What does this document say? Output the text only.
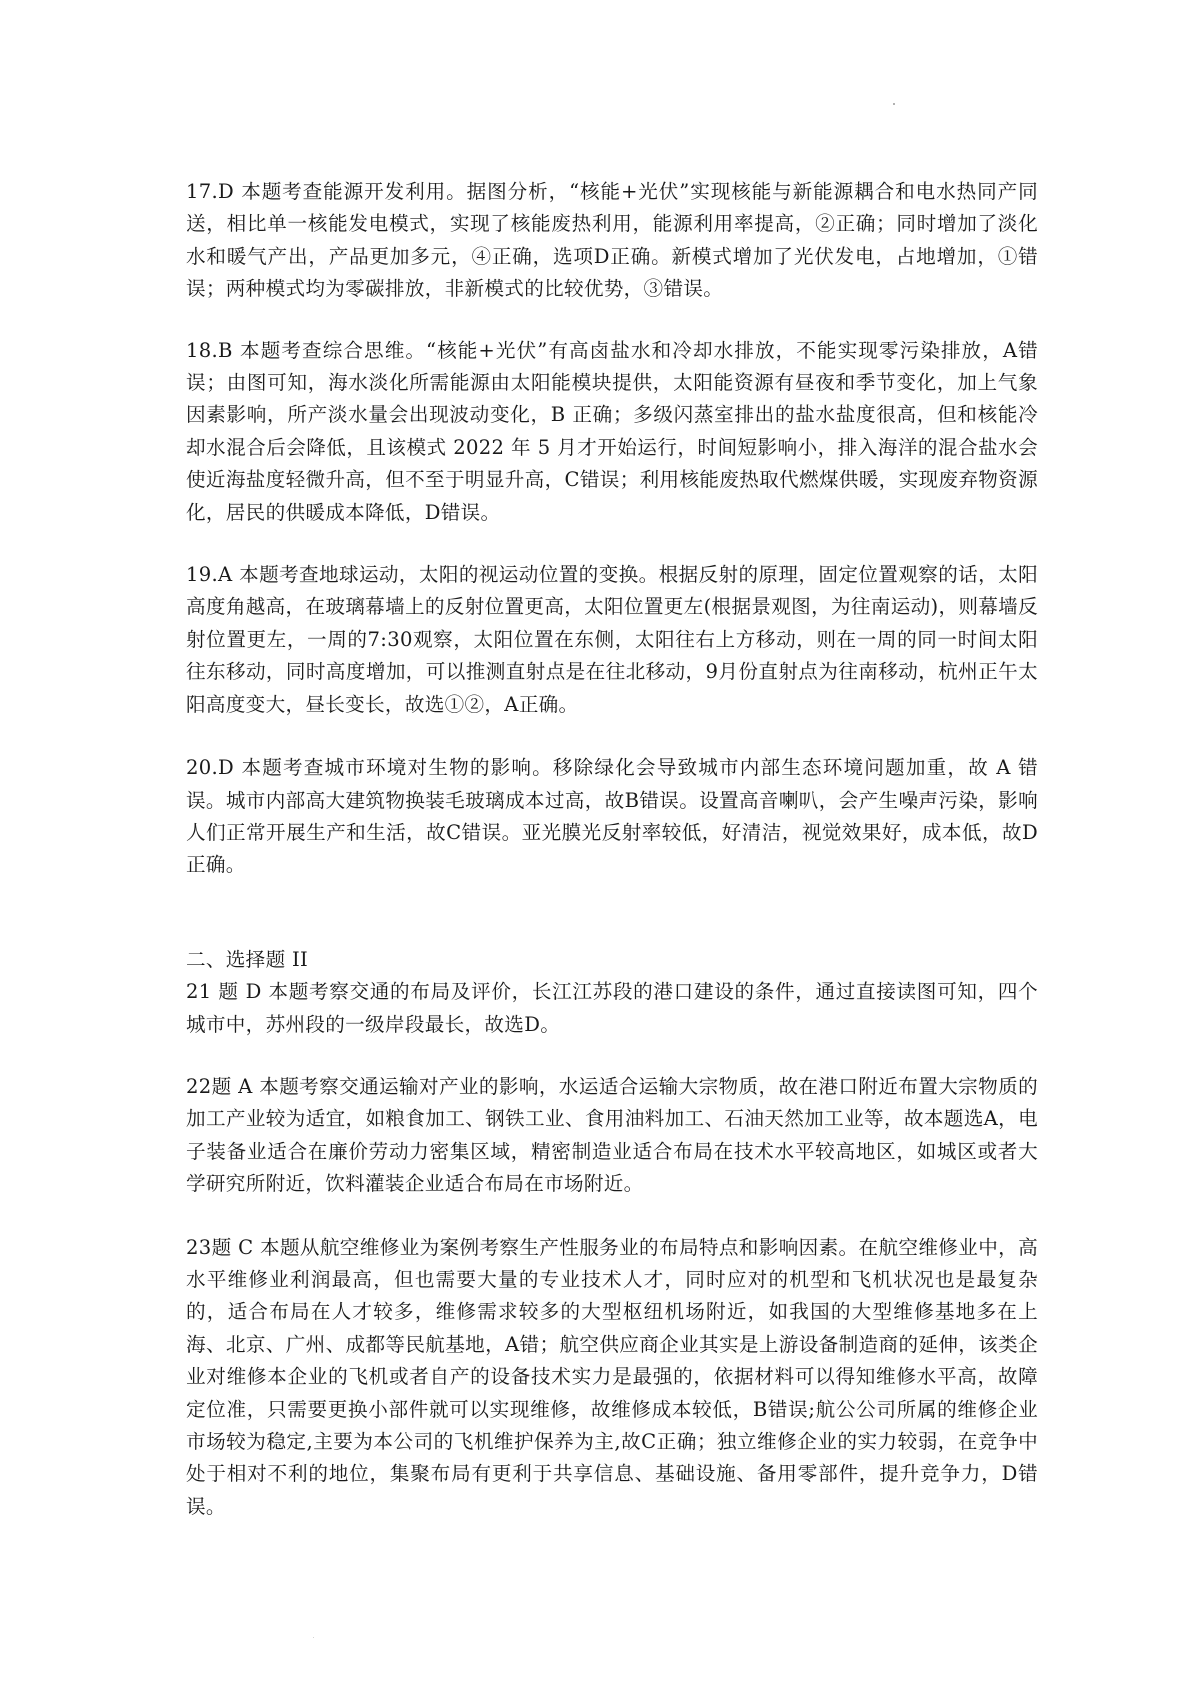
17.D 本题考查能源开发利用。据图分析，“核能+光伏”实现核能与新能源耦合和电水热同产同送，相比单一核能发电模式，实现了核能废热利用，能源利用率提高，②正确；同时增加了淡化水和暖气产出，产品更加多元，④正确，选项D正确。新模式增加了光伏发电，占地增加，①错误；两种模式均为零碳排放，非新模式的比较优势，③错误。

18.B 本题考查综合思维。“核能+光伏”有高卤盐水和冷却水排放，不能实现零污染排放，A错误；由图可知，海水淡化所需能源由太阳能模块提供，太阳能资源有昼夜和季节变化，加上气象因素影响，所产淡水量会出现波动变化，B 正确；多级闪蒸室排出的盐水盐度很高，但和核能冷却水混合后会降低，且该模式 2022 年 5 月才开始运行，时间短影响小，排入海洋的混合盐水会使近海盐度轻微升高，但不至于明显升高，C错误；利用核能废热取代燃煤供暖，实现废弃物资源化，居民的供暖成本降低，D错误。

19.A 本题考查地球运动，太阳的视运动位置的变换。根据反射的原理，固定位置观察的话，太阳高度角越高，在玻璃幕墙上的反射位置更高，太阳位置更左(根据景观图，为往南运动)，则幕墙反射位置更左，一周的7:30观察，太阳位置在东侧，太阳往右上方移动，则在一周的同一时间太阳往东移动，同时高度增加，可以推测直射点是在往北移动，9月份直射点为往南移动，杭州正午太阳高度变大，昼长变长，故选①②，A正确。

20.D 本题考查城市环境对生物的影响。移除绿化会导致城市内部生态环境问题加重，故 A 错误。城市内部高大建筑物换装毛玻璃成本过高，故B错误。设置高音喇叭，会产生噪声污染，影响人们正常开展生产和生活，故C错误。亚光膜光反射率较低，好清洁，视觉效果好，成本低，故D正确。

二、选择题 II

21 题 D 本题考察交通的布局及评价，长江江苏段的港口建设的条件，通过直接读图可知，四个城市中，苏州段的一级岸段最长，故选D。

22题 A 本题考察交通运输对产业的影响，水运适合运输大宗物质，故在港口附近布置大宗物质的加工产业较为适宜，如粮食加工、钢铁工业、食用油料加工、石油天然加工业等，故本题选A，电子装备业适合在廉价劳动力密集区域，精密制造业适合布局在技术水平较高地区，如城区或者大学研究所附近，饮料灌装企业适合布局在市场附近。

23题 C 本题从航空维修业为案例考察生产性服务业的布局特点和影响因素。在航空维修业中，高水平维修业利润最高，但也需要大量的专业技术人才，同时应对的机型和飞机状况也是最复杂的，适合布局在人才较多，维修需求较多的大型枢纽机场附近，如我国的大型维修基地多在上海、北京、广州、成都等民航基地，A错；航空供应商企业其实是上游设备制造商的延伸，该类企业对维修本企业的飞机或者自产的设备技术实力是最强的，依据材料可以得知维修水平高，故障定位准，只需要更换小部件就可以实现维修，故维修成本较低，B错误;航公公司所属的维修企业市场较为稳定,主要为本公司的飞机维护保养为主,故C正确；独立维修企业的实力较弱，在竞争中处于相对不利的地位，集聚布局有更利于共享信息、基础设施、备用零部件，提升竞争力，D错误。
